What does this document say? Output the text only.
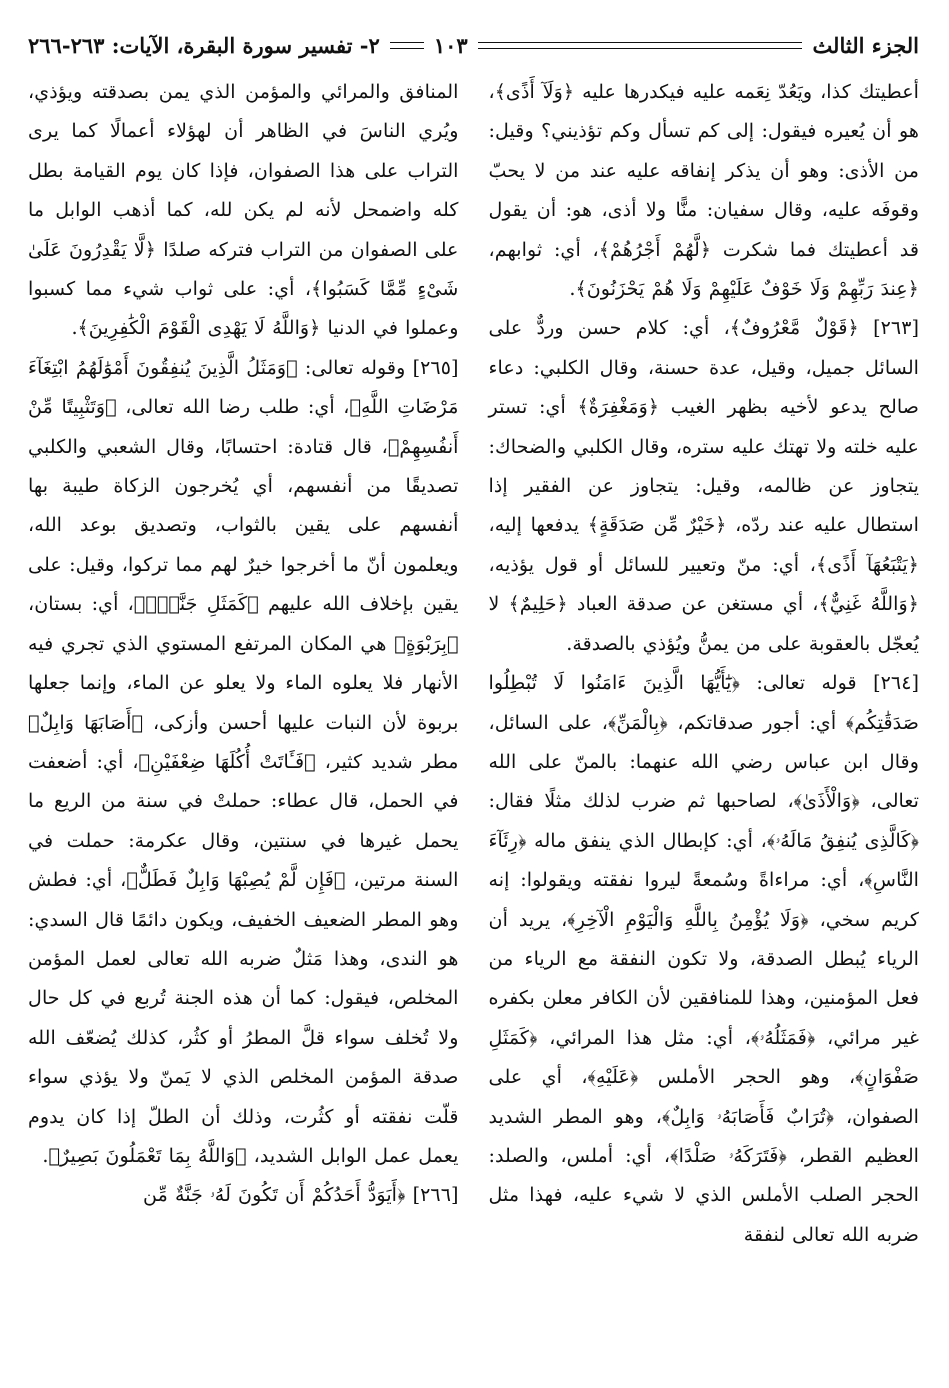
الجزء الثالث
١٠٣
٢- تفسير سورة البقرة، الآيات: ٢٦٣-٢٦٦

أعطيتك كذا، ويَعُدّ نِعَمه عليه فيكدرها عليه ﴿وَلَآ أَذًى﴾، هو أن يُعيره فيقول: إلى كم تسأل وكم تؤذيني؟ وقيل: من الأذى: وهو أن يذكر إنفاقه عليه عند من لا يحبّ وقوفَه عليه، وقال سفيان: منًّا ولا أذى، هو: أن يقول قد أعطيتك فما شكرت ﴿لَّهُمْ أَجْرُهُمْ﴾، أي: ثوابهم، ﴿عِندَ رَبِّهِمْ وَلَا خَوْفٌ عَلَيْهِمْ وَلَا هُمْ يَحْزَنُونَ﴾.

[٢٦٣] ﴿قَوْلٌ مَّعْرُوفٌ﴾، أي: كلام حسن وردٌّ على السائل جميل، وقيل، عدة حسنة، وقال الكلبي: دعاء صالح يدعو لأخيه بظهر الغيب ﴿وَمَغْفِرَةٌ﴾ أي: تستر عليه خلته ولا تهتك عليه ستره، وقال الكلبي والضحاك: يتجاوز عن ظالمه، وقيل: يتجاوز عن الفقير إذا استطال عليه عند ردّه، ﴿خَيْرٌ مِّن صَدَقَةٍ﴾ يدفعها إليه، ﴿يَتْبَعُهَآ أَذًى﴾، أي: منّ وتعيير للسائل أو قول يؤذيه، ﴿وَاللَّهُ غَنِيٌّ﴾، أي مستغن عن صدقة العباد ﴿حَلِيمٌ﴾ لا يُعجّل بالعقوبة على من يمنُّ ويُؤذي بالصدقة.

[٢٦٤] قوله تعالى: ﴿يَٰٓأَيُّهَا الَّذِينَ ءَامَنُوا لَا تُبْطِلُوا صَدَقَٰتِكُم﴾ أي: أجور صدقاتكم، ﴿بِالْمَنِّ﴾، على السائل، وقال ابن عباس رضي الله عنهما: بالمنّ على الله تعالى، ﴿وَالْأَذَىٰ﴾، لصاحبها ثم ضرب لذلك مثلًا فقال: ﴿كَالَّذِى يُنفِقُ مَالَهُۥ﴾، أي: كإبطال الذي ينفق ماله ﴿رِئَآءَ النَّاسِ﴾، أي: مراءاةً وسُمعةً ليروا نفقته ويقولوا: إنه كريم سخي، ﴿وَلَا يُؤْمِنُ بِاللَّهِ وَالْيَوْمِ الْآخِرِ﴾، يريد أن الرياء يُبطل الصدقة، ولا تكون النفقة مع الرياء من فعل المؤمنين، وهذا للمنافقين لأن الكافر معلن بكفره غير مرائي، ﴿فَمَثَلُهُۥ﴾، أي: مثل هذا المرائي، ﴿كَمَثَلِ صَفْوَانٍ﴾، وهو الحجر الأملس ﴿عَلَيْهِ﴾، أي على الصفوان، ﴿تُرَابٌ فَأَصَابَهُۥ وَابِلٌ﴾، وهو المطر الشديد العظيم القطر، ﴿فَتَرَكَهُۥ صَلْدًا﴾، أي: أملس، والصلد: الحجر الصلب الأملس الذي لا شيء عليه، فهذا مثل ضربه الله تعالى لنفقة

المنافق والمرائي والمؤمن الذي يمن بصدقته ويؤذي، ويُري الناسَ في الظاهر أن لهؤلاء أعمالًا كما يرى التراب على هذا الصفوان، فإذا كان يوم القيامة بطل كله واضمحل لأنه لم يكن لله، كما أذهب الوابل ما على الصفوان من التراب فتركه صلدًا ﴿لَّا يَقْدِرُونَ عَلَىٰ شَىْءٍ مِّمَّا كَسَبُوا﴾، أي: على ثواب شيء مما كسبوا وعملوا في الدنيا ﴿وَاللَّهُ لَا يَهْدِى الْقَوْمَ الْكَٰفِرِينَ﴾.

[٢٦٥] وقوله تعالى: ﴿وَمَثَلُ الَّذِينَ يُنفِقُونَ أَمْوَٰلَهُمُ ابْتِغَآءَ مَرْضَاتِ اللَّهِ﴾، أي: طلب رضا الله تعالى، ﴿وَتَثْبِيتًا مِّنْ أَنفُسِهِمْ﴾، قال قتادة: احتسابًا، وقال الشعبي والكلبي تصديقًا من أنفسهم، أي يُخرجون الزكاة طيبة بها أنفسهم على يقين بالثواب، وتصديق بوعد الله، ويعلمون أنّ ما أخرجوا خيرٌ لهم مما تركوا، وقيل: على يقين بإخلاف الله عليهم ﴿كَمَثَلِ جَنَّةٍۭ﴾، أي: بستان، ﴿بِرَبْوَةٍ﴾ هي المكان المرتفع المستوي الذي تجري فيه الأنهار فلا يعلوه الماء ولا يعلو عن الماء، وإنما جعلها بربوة لأن النبات عليها أحسن وأزكى، ﴿أَصَابَهَا وَابِلٌ﴾ مطر شديد كثير، ﴿فَـَٔاتَتْ أُكُلَهَا ضِعْفَيْنِ﴾، أي: أضعفت في الحمل، قال عطاء: حملتْ في سنة من الريع ما يحمل غيرها في سنتين، وقال عكرمة: حملت في السنة مرتين، ﴿فَإِن لَّمْ يُصِبْهَا وَابِلٌ فَطَلٌّ﴾، أي: فطش وهو المطر الضعيف الخفيف، ويكون دائمًا قال السدي: هو الندى، وهذا مَثلٌ ضربه الله تعالى لعمل المؤمن المخلص، فيقول: كما أن هذه الجنة تُربع في كل حال ولا تُخلف سواء قلَّ المطرُ أو كثُر، كذلك يُضعّف الله صدقة المؤمن المخلص الذي لا يَمنّ ولا يؤذي سواء قلّت نفقته أو كثُرت، وذلك أن الطلّ إذا كان يدوم يعمل عمل الوابل الشديد، ﴿وَاللَّهُ بِمَا تَعْمَلُونَ بَصِيرٌ﴾.

[٢٦٦] ﴿أَيَوَدُّ أَحَدُكُمْ أَن تَكُونَ لَهُۥ جَنَّةٌ مِّن
